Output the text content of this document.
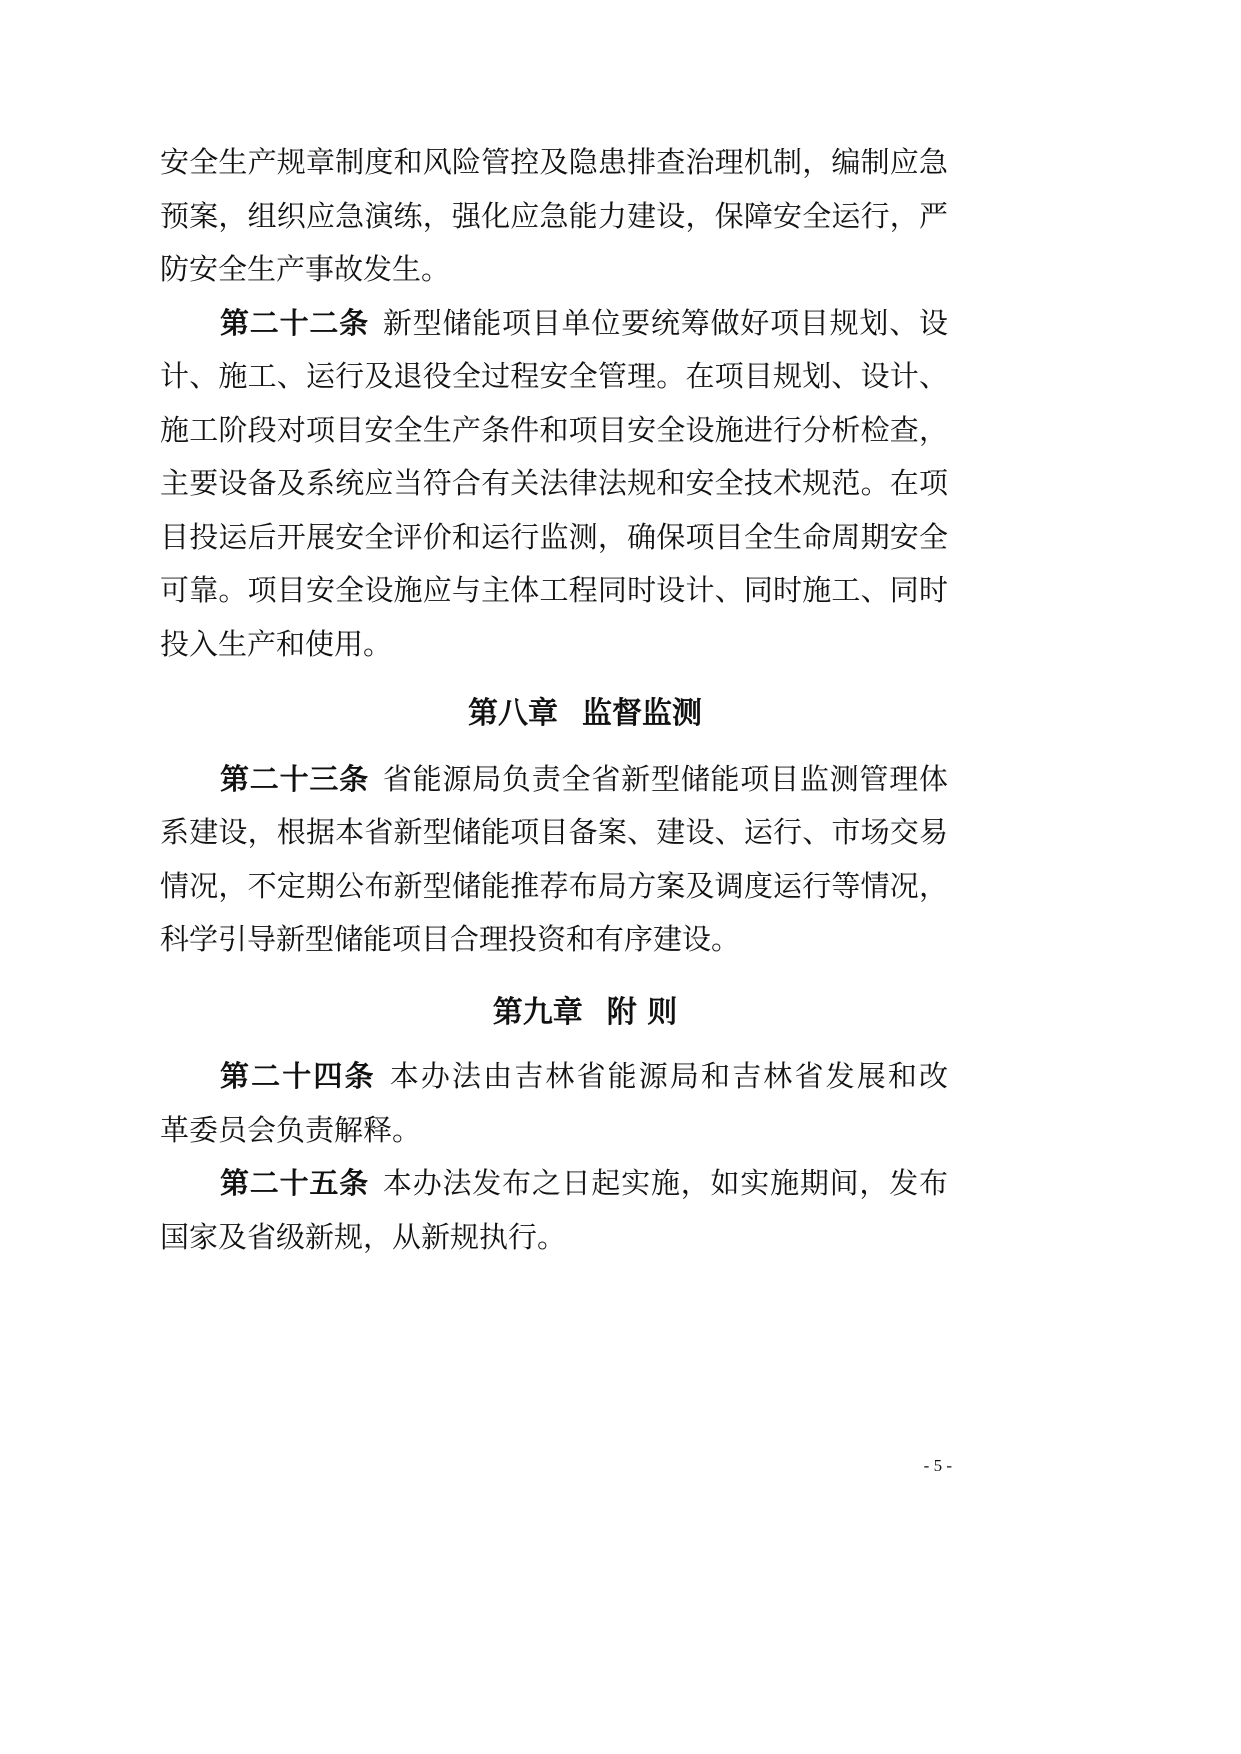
安全生产规章制度和风险管控及隐患排查治理机制，编制应急
预案，组织应急演练，强化应急能力建设，保障安全运行，严
防安全生产事故发生。
第二十二条 新型储能项目单位要统筹做好项目规划、设
计、施工、运行及退役全过程安全管理。在项目规划、设计、
施工阶段对项目安全生产条件和项目安全设施进行分析检查，
主要设备及系统应当符合有关法律法规和安全技术规范。在项
目投运后开展安全评价和运行监测，确保项目全生命周期安全
可靠。项目安全设施应与主体工程同时设计、同时施工、同时
投入生产和使用。
第八章 监督监测
第二十三条 省能源局负责全省新型储能项目监测管理体
系建设，根据本省新型储能项目备案、建设、运行、市场交易
情况，不定期公布新型储能推荐布局方案及调度运行等情况，
科学引导新型储能项目合理投资和有序建设。
第九章 附 则
第二十四条 本办法由吉林省能源局和吉林省发展和改
革委员会负责解释。
第二十五条 本办法发布之日起实施，如实施期间，发布
国家及省级新规，从新规执行。
- 5 -
